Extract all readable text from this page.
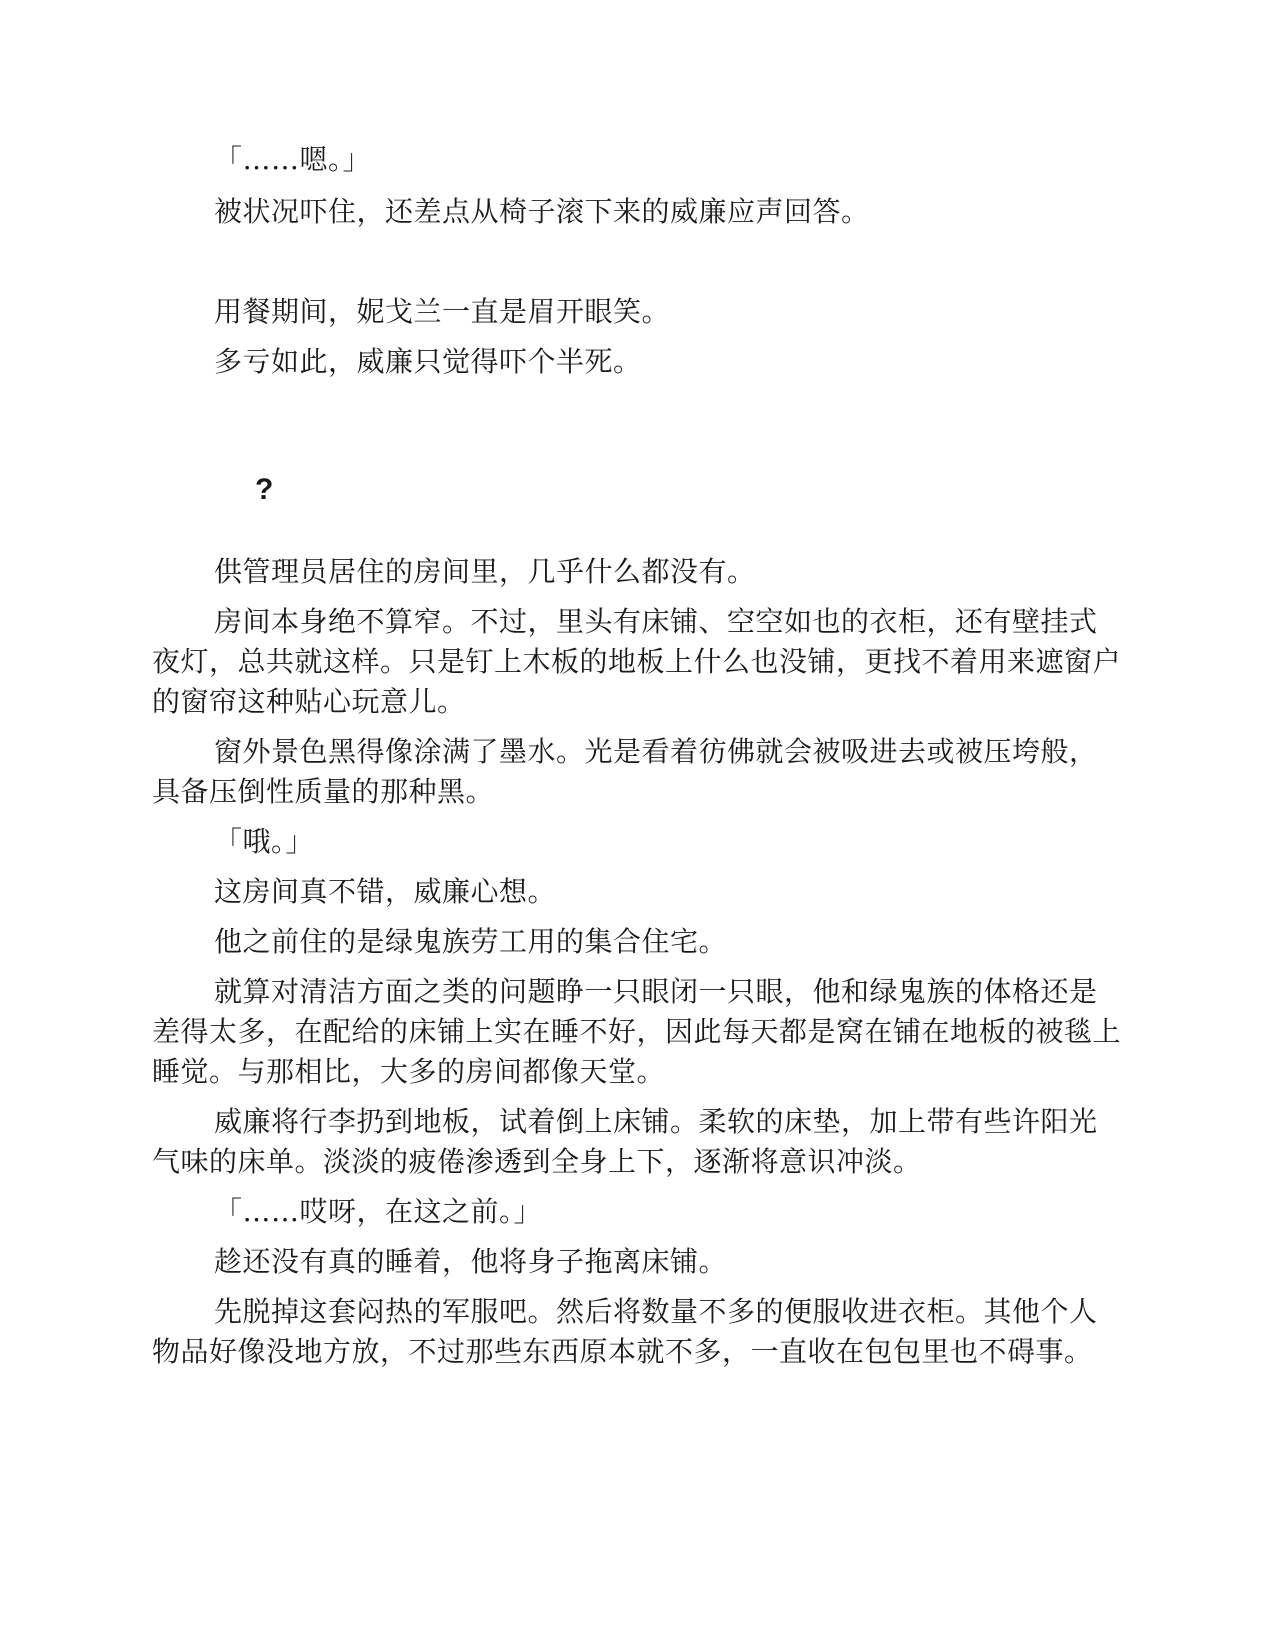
「……嗯。」

被状况吓住，还差点从椅子滚下来的威廉应声回答。

用餐期间，妮戈兰一直是眉开眼笑。

多亏如此，威廉只觉得吓个半死。

?

供管理员居住的房间里，几乎什么都没有。

房间本身绝不算窄。不过，里头有床铺、空空如也的衣柜，还有壁挂式夜灯，总共就这样。只是钉上木板的地板上什么也没铺，更找不着用来遮窗户的窗帘这种贴心玩意儿。

窗外景色黑得像涂满了墨水。光是看着彷佛就会被吸进去或被压垮般，具备压倒性质量的那种黑。

「哦。」

这房间真不错，威廉心想。

他之前住的是绿鬼族劳工用的集合住宅。

就算对清洁方面之类的问题睁一只眼闭一只眼，他和绿鬼族的体格还是差得太多，在配给的床铺上实在睡不好，因此每天都是窝在铺在地板的被毯上睡觉。与那相比，大多的房间都像天堂。

威廉将行李扔到地板，试着倒上床铺。柔软的床垫，加上带有些许阳光气味的床单。淡淡的疲倦渗透到全身上下，逐渐将意识冲淡。

「……哎呀，在这之前。」

趁还没有真的睡着，他将身子拖离床铺。

先脱掉这套闷热的军服吧。然后将数量不多的便服收进衣柜。其他个人物品好像没地方放，不过那些东西原本就不多，一直收在包包里也不碍事。
